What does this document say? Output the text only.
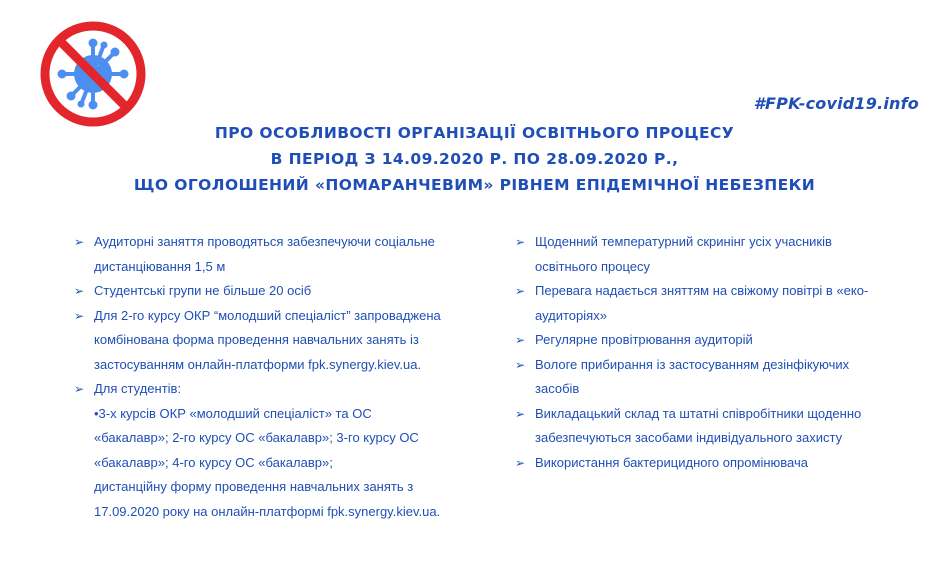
#FPK-covid19.info
ПРО ОСОБЛИВОСТІ ОРГАНІЗАЦІЇ ОСВІТНЬОГО ПРОЦЕСУ
В ПЕРІОД З 14.09.2020 Р. ПО 28.09.2020 Р.,
ЩО ОГОЛОШЕНИЙ «ПОМАРАНЧЕВИМ» РІВНЕМ ЕПІДЕМІЧНОЇ НЕБЕЗПЕКИ
➢ Аудиторні заняття проводяться забезпечуючи соціальне
дистанціювання 1,5 м
➢ Студентські групи не більше 20 осіб
➢ Для 2-го курсу ОКР “молодший спеціаліст” запроваджена
комбінована форма проведення навчальних занять із
застосуванням онлайн-платформи fpk.synergy.kiev.ua.
➢ Для студентів:
•3-х курсів ОКР «молодший спеціаліст» та ОС
«бакалавр»; 2-го курсу ОС «бакалавр»; 3-го курсу ОС
«бакалавр»; 4-го курсу ОС «бакалавр»;
дистанційну форму проведення навчальних занять з
17.09.2020 року на онлайн-платформі fpk.synergy.kiev.ua.
➢ Щоденний температурний скринінг усіх учасників
освітнього процесу
➢ Перевага надається зняттям на свіжому повітрі в «еко-
аудиторіях»
➢ Регулярне провітрювання аудиторій
➢ Вологе прибирання із застосуванням дезінфікуючих
засобів
➢ Викладацький склад та штатні співробітники щоденно
забезпечуються засобами індивідуального захисту
➢ Використання бактерицидного опромінювача
